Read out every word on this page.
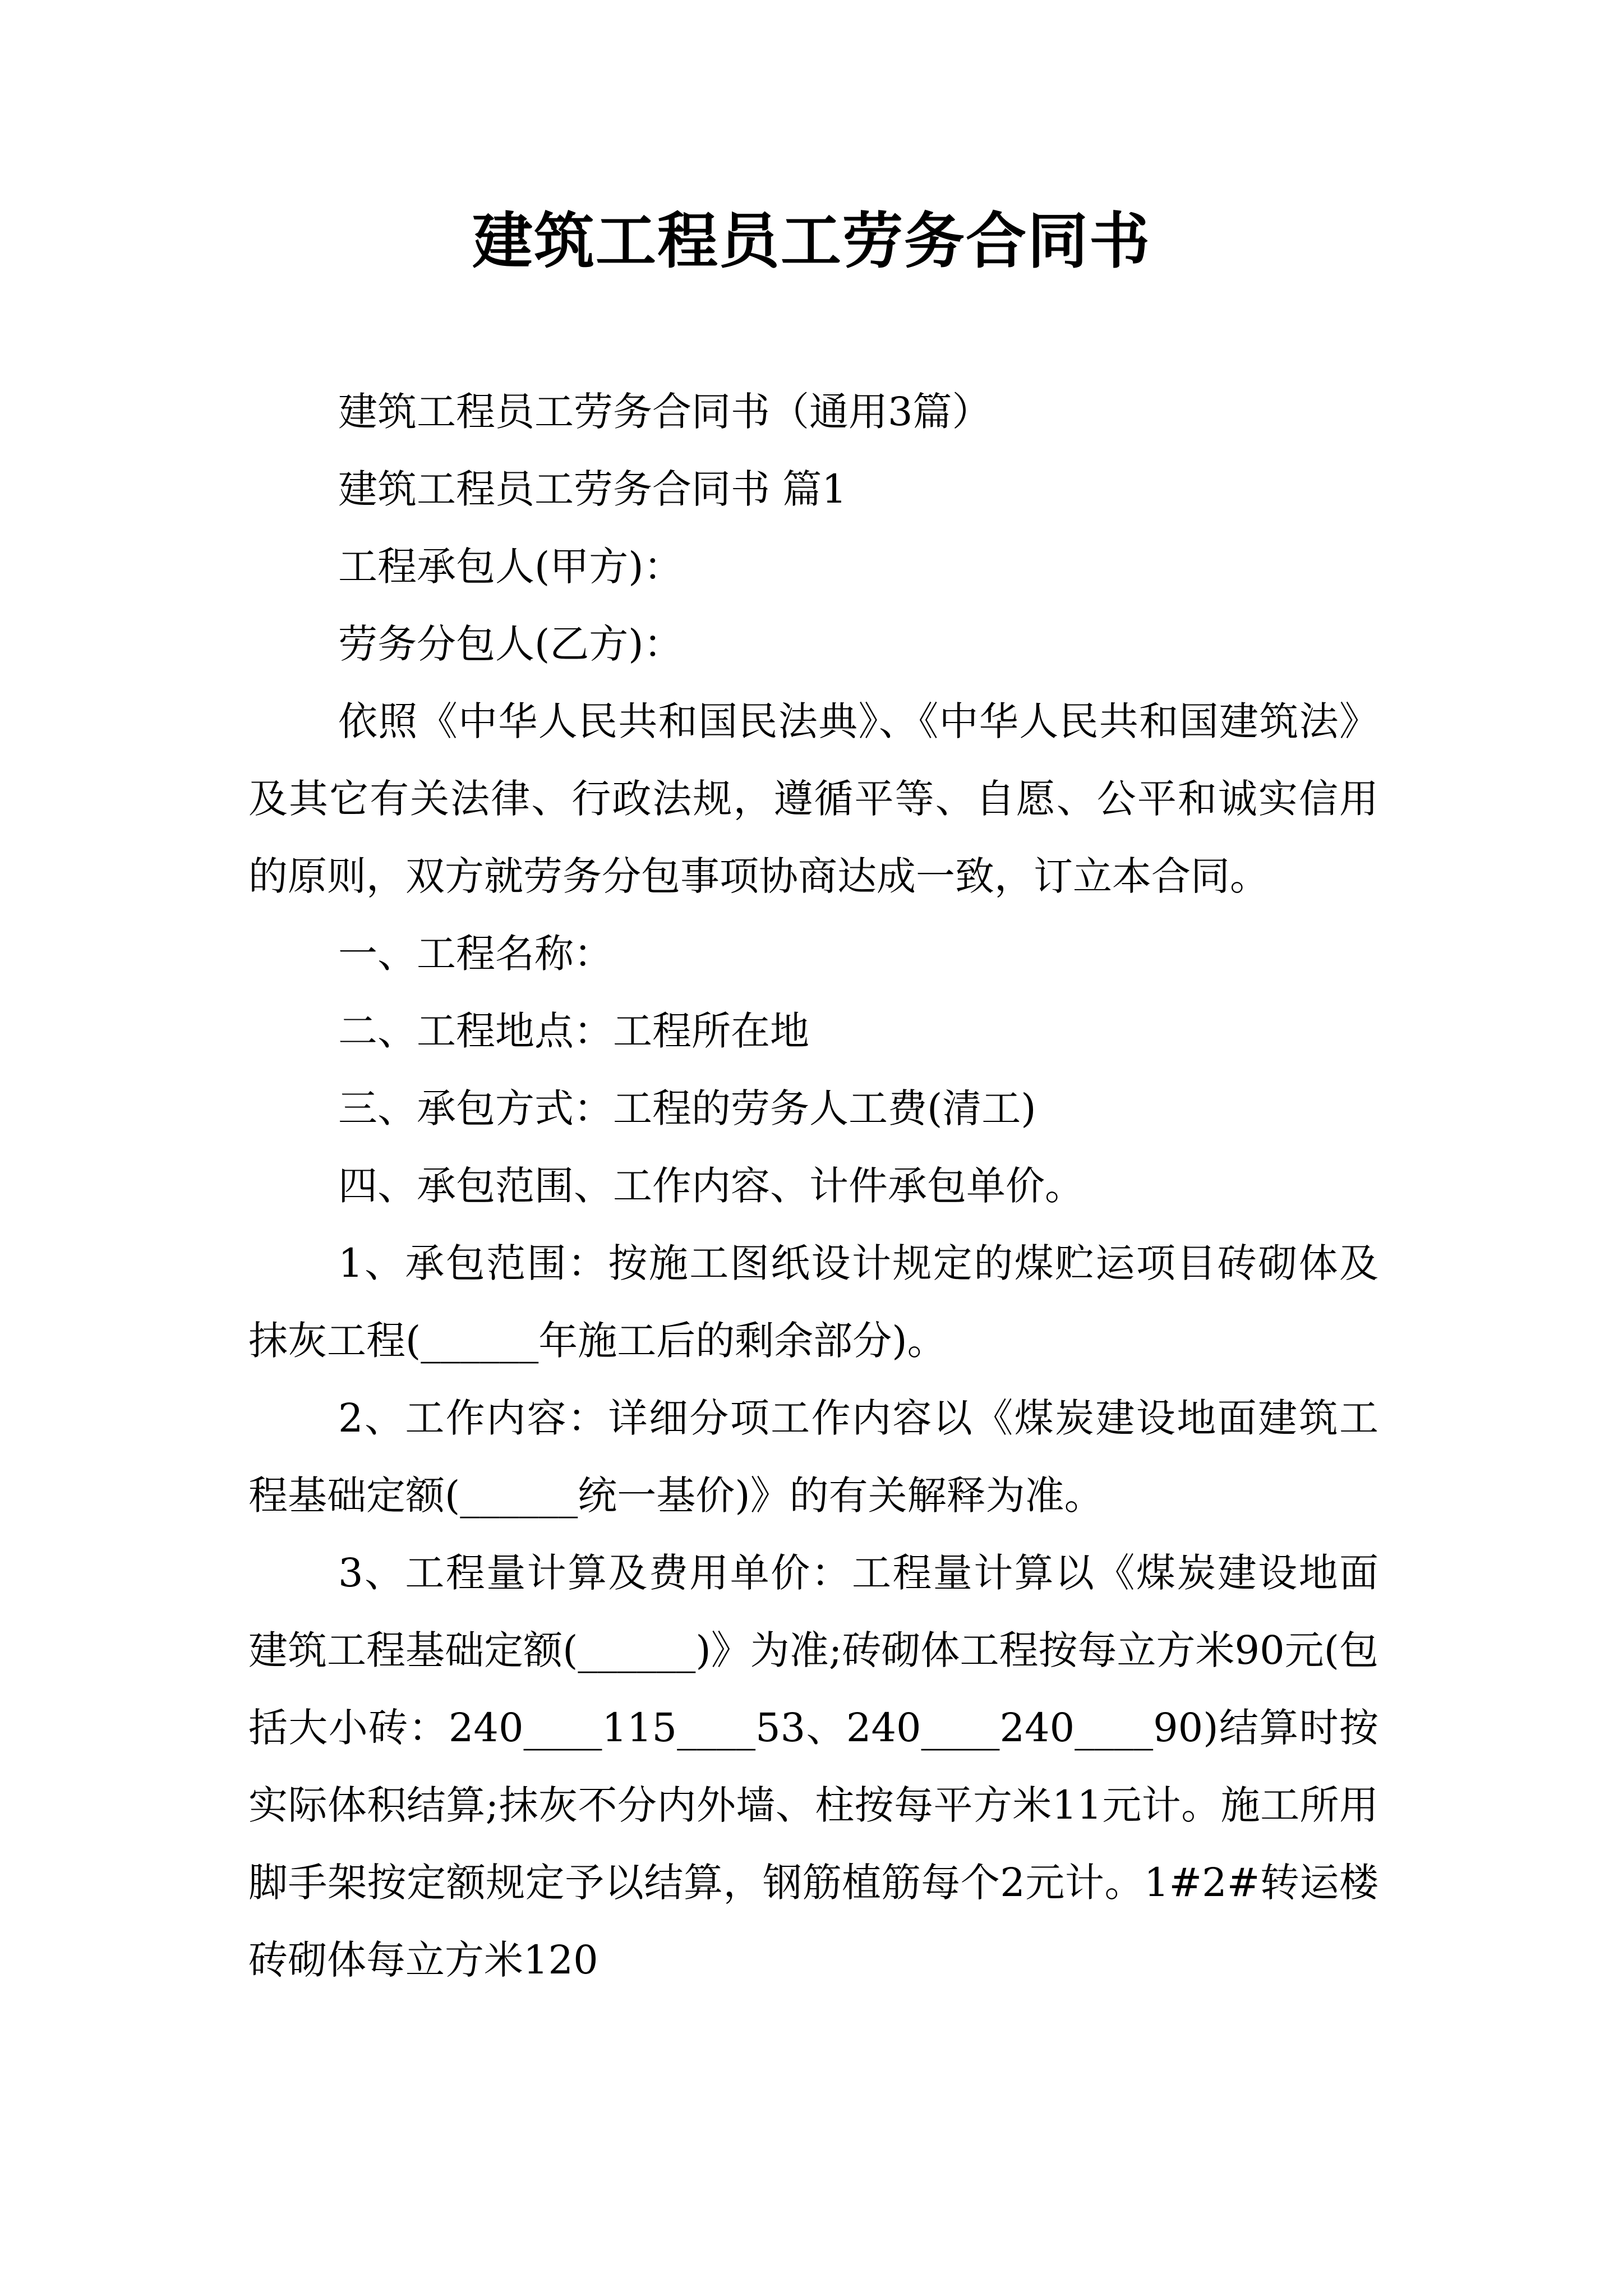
建筑工程员工劳务合同书

建筑工程员工劳务合同书（通用3篇）

建筑工程员工劳务合同书 篇1

工程承包人(甲方)：

劳务分包人(乙方)：

依照《中华人民共和国民法典》、《中华人民共和国建筑法》及其它有关法律、行政法规，遵循平等、自愿、公平和诚实信用的原则，双方就劳务分包事项协商达成一致，订立本合同。

一、工程名称：

二、工程地点：工程所在地

三、承包方式：工程的劳务人工费(清工)

四、承包范围、工作内容、计件承包单价。

1、承包范围：按施工图纸设计规定的煤贮运项目砖砌体及抹灰工程(______年施工后的剩余部分)。

2、工作内容：详细分项工作内容以《煤炭建设地面建筑工程基础定额(______统一基价)》的有关解释为准。

3、工程量计算及费用单价：工程量计算以《煤炭建设地面建筑工程基础定额(______)》为准;砖砌体工程按每立方米90元(包括大小砖：240____115____53、240____240____90)结算时按实际体积结算;抹灰不分内外墙、柱按每平方米11元计。施工所用脚手架按定额规定予以结算，钢筋植筋每个2元计。1#2#转运楼砖砌体每立方米120
